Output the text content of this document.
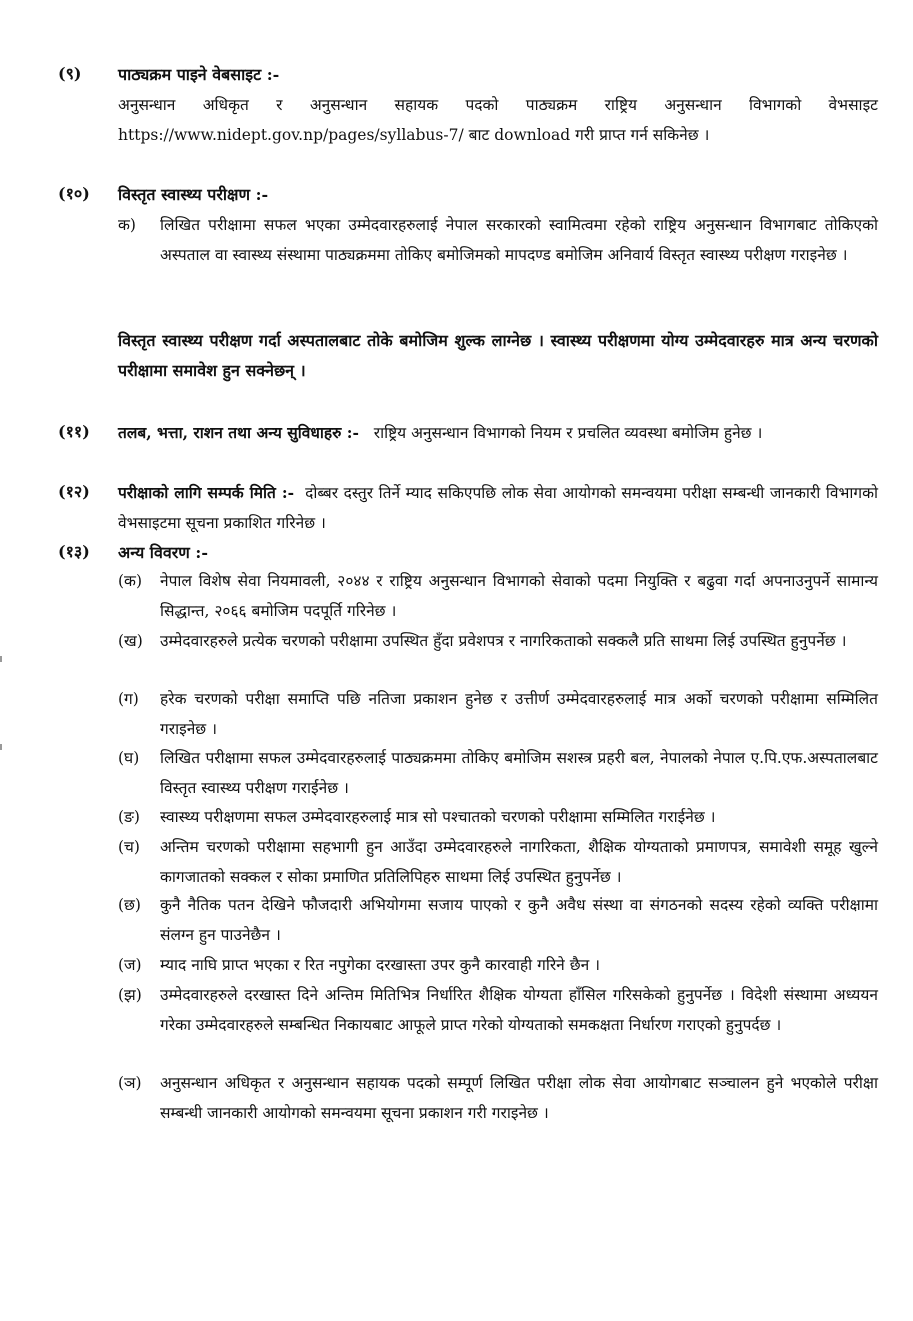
(९) पाठ्यक्रम पाइने वेबसाइट :-
अनुसन्धान अधिकृत र अनुसन्धान सहायक पदको पाठ्यक्रम राष्ट्रिय अनुसन्धान विभागको वेभसाइट https://www.nidept.gov.np/pages/syllabus-7/ बाट download गरी प्राप्त गर्न सकिनेछ ।
(१०) विस्तृत स्वास्थ्य परीक्षण :-
क) लिखित परीक्षामा सफल भएका उम्मेदवारहरुलाई नेपाल सरकारको स्वामित्वमा रहेको राष्ट्रिय अनुसन्धान विभागबाट तोकिएको अस्पताल वा स्वास्थ्य संस्थामा पाठ्यक्रममा तोकिए बमोजिमको मापदण्ड बमोजिम अनिवार्य विस्तृत स्वास्थ्य परीक्षण गराइनेछ ।
विस्तृत स्वास्थ्य परीक्षण गर्दा अस्पतालबाट तोके बमोजिम शुल्क लाग्नेछ । स्वास्थ्य परीक्षणमा योग्य उम्मेदवारहरु मात्र अन्य चरणको परीक्षामा समावेश हुन सक्नेछन् ।
(११) तलब, भत्ता, राशन तथा अन्य सुविधाहरु :- राष्ट्रिय अनुसन्धान विभागको नियम र प्रचलित व्यवस्था बमोजिम हुनेछ ।
(१२) परीक्षाको लागि सम्पर्क मिति :- दोब्बर दस्तुर तिर्ने म्याद सकिएपछि लोक सेवा आयोगको समन्वयमा परीक्षा सम्बन्धी जानकारी विभागको वेभसाइटमा सूचना प्रकाशित गरिनेछ ।
(१३) अन्य विवरण :-
(क) नेपाल विशेष सेवा नियमावली, २०४४ र राष्ट्रिय अनुसन्धान विभागको सेवाको पदमा नियुक्ति र बढुवा गर्दा अपनाउनुपर्ने सामान्य सिद्धान्त, २०६६ बमोजिम पदपूर्ति गरिनेछ ।
(ख) उम्मेदवारहरुले प्रत्येक चरणको परीक्षामा उपस्थित हुँदा प्रवेशपत्र र नागरिकताको सक्कलै प्रति साथमा लिई उपस्थित हुनुपर्नेछ ।
(ग) हरेक चरणको परीक्षा समाप्ति पछि नतिजा प्रकाशन हुनेछ र उत्तीर्ण उम्मेदवारहरुलाई मात्र अर्को चरणको परीक्षामा सम्मिलित गराइनेछ ।
(घ) लिखित परीक्षामा सफल उम्मेदवारहरुलाई पाठ्यक्रममा तोकिए बमोजिम सशस्त्र प्रहरी बल, नेपालको नेपाल ए.पि.एफ.अस्पतालबाट विस्तृत स्वास्थ्य परीक्षण गराईनेछ ।
(ङ) स्वास्थ्य परीक्षणमा सफल उम्मेदवारहरुलाई मात्र सो पश्चातको चरणको परीक्षामा सम्मिलित गराईनेछ ।
(च) अन्तिम चरणको परीक्षामा सहभागी हुन आउँदा उम्मेदवारहरुले नागरिकता, शैक्षिक योग्यताको प्रमाणपत्र, समावेशी समूह खुल्ने कागजातको सक्कल र सोका प्रमाणित प्रतिलिपिहरु साथमा लिई उपस्थित हुनुपर्नेछ ।
(छ) कुनै नैतिक पतन देखिने फौजदारी अभियोगमा सजाय पाएको र कुनै अवैध संस्था वा संगठनको सदस्य रहेको व्यक्ति परीक्षामा संलग्न हुन पाउनेछैन ।
(ज) म्याद नाघि प्राप्त भएका र रित नपुगेका दरखास्ता उपर कुनै कारवाही गरिने छैन ।
(झ) उम्मेदवारहरुले दरखास्त दिने अन्तिम मितिभित्र निर्धारित शैक्षिक योग्यता हाँसिल गरिसकेको हुनुपर्नेछ । विदेशी संस्थामा अध्ययन गरेका उम्मेदवारहरुले सम्बन्धित निकायबाट आफूले प्राप्त गरेको योग्यताको समकक्षता निर्धारण गराएको हुनुपर्दछ ।
(ञ) अनुसन्धान अधिकृत र अनुसन्धान सहायक पदको सम्पूर्ण लिखित परीक्षा लोक सेवा आयोगबाट सञ्चालन हुने भएकोले परीक्षा सम्बन्धी जानकारी आयोगको समन्वयमा सूचना प्रकाशन गरी गराइनेछ ।
